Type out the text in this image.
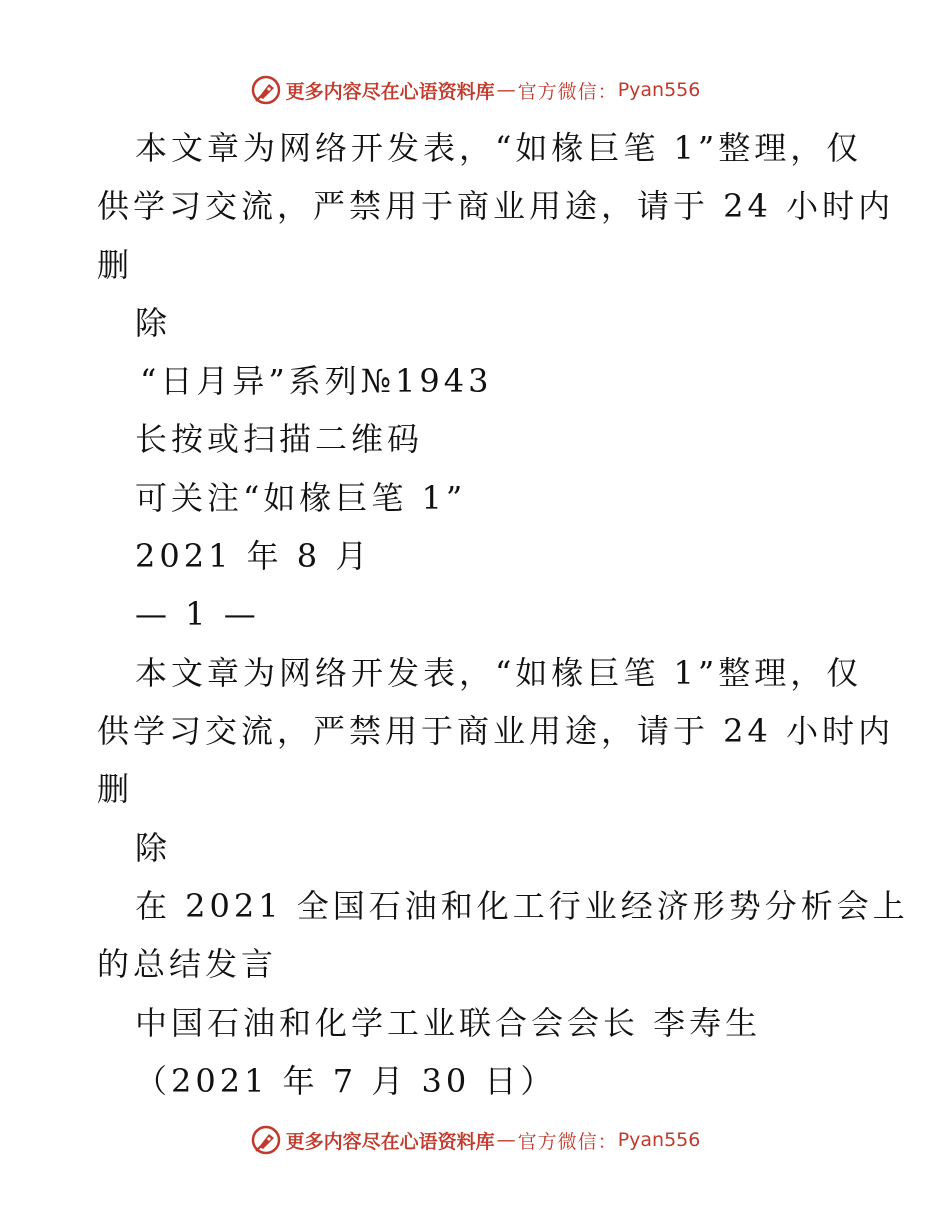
更多内容尽在心语资料库 — 官方微信： Pyan556
本文章为网络开发表，“如椽巨笔 1”整理，仅
供学习交流，严禁用于商业用途，请于 24 小时内
删
除
“日月异”系列№1943
长按或扫描二维码
可关注“如椽巨笔 1”
2021 年 8 月
— 1 —
本文章为网络开发表，“如椽巨笔 1”整理，仅
供学习交流，严禁用于商业用途，请于 24 小时内
删
除
在 2021 全国石油和化工行业经济形势分析会上
的总结发言
中国石油和化学工业联合会会长 李寿生
（2021 年 7 月 30 日）
更多内容尽在心语资料库 — 官方微信： Pyan556
